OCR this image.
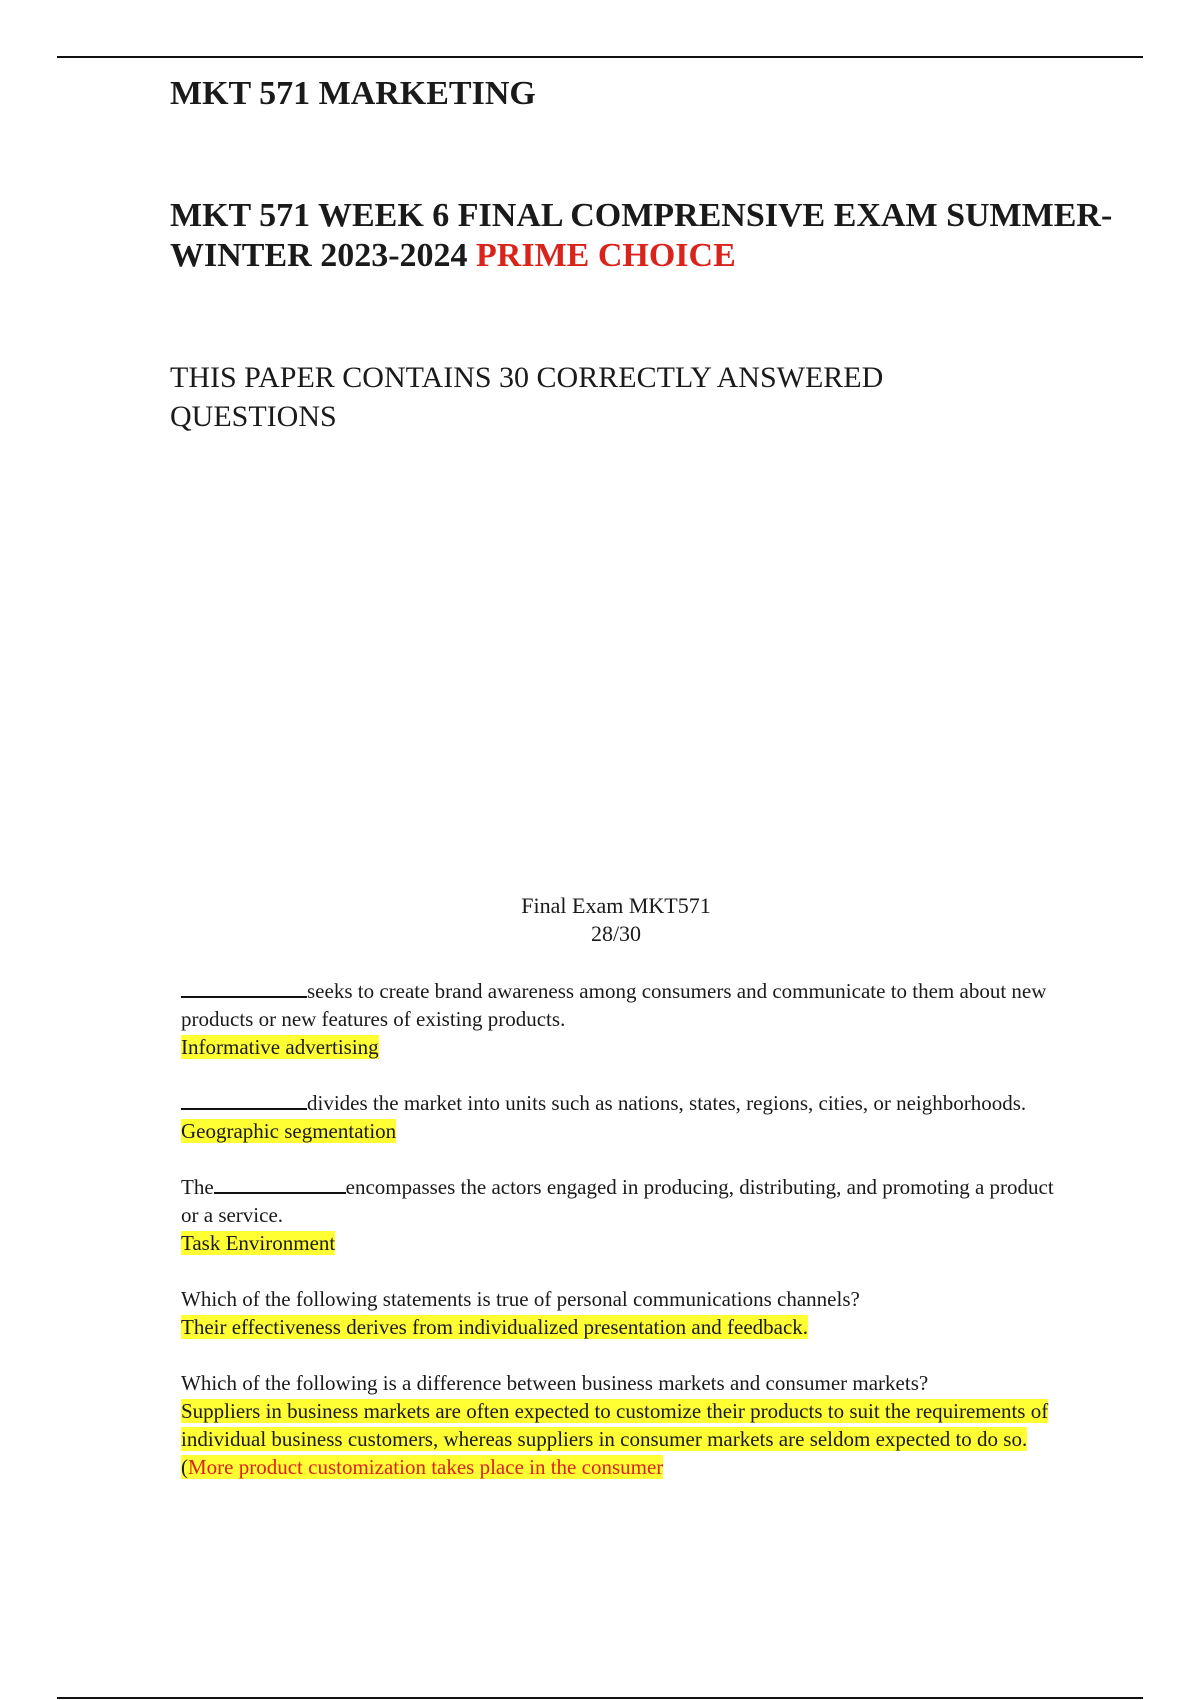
MKT 571 MARKETING
MKT 571 WEEK 6 FINAL COMPRENSIVE EXAM SUMMER-WINTER 2023-2024 PRIME CHOICE

THIS PAPER CONTAINS 30 CORRECTLY ANSWERED QUESTIONS

Final Exam MKT571
28/30
seeks to create brand awareness among consumers and communicate to them about new products or new features of existing products.
Informative advertising
divides the market into units such as nations, states, regions, cities, or neighborhoods.
Geographic segmentation
The	encompasses the actors engaged in producing, distributing, and promoting a product or a service.
Task Environment
Which of the following statements is true of personal communications channels?
Their effectiveness derives from individualized presentation and feedback.
Which of the following is a difference between business markets and consumer markets?
Suppliers in business markets are often expected to customize their products to suit the requirements of individual business customers, whereas suppliers in consumer markets are seldom expected to do so. (More product customization takes place in the consumer
